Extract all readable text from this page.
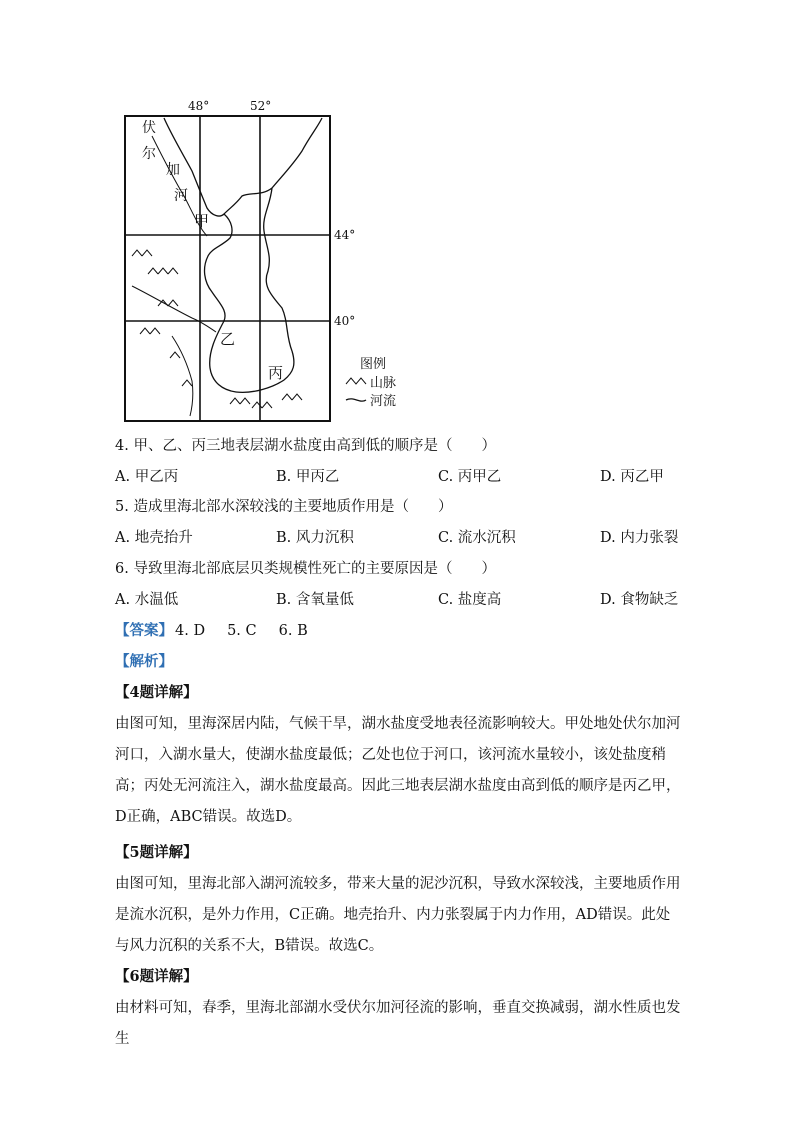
48°	52°
44°
40°
伏
尔
加
河
甲
乙
丙	图例
山脉
河流
4. 甲、乙、丙三地表层湖水盐度由高到低的顺序是（　　）
A. 甲乙丙	B. 甲丙乙	C. 丙甲乙	D. 丙乙甲
5. 造成里海北部水深较浅的主要地质作用是（　　）
A. 地壳抬升	B. 风力沉积	C. 流水沉积	D. 内力张裂
6. 导致里海北部底层贝类规模性死亡的主要原因是（　　）
A. 水温低	B. 含氧量低	C. 盐度高	D. 食物缺乏
【答案】 4. D 5. C 6. B
【解析】
【4题详解】
由图可知，里海深居内陆，气候干旱，湖水盐度受地表径流影响较大。甲处地处伏尔加河河口，入湖水量大，使湖水盐度最低；乙处也位于河口，该河流水量较小，该处盐度稍高；丙处无河流注入，湖水盐度最高。因此三地表层湖水盐度由高到低的顺序是丙乙甲，D正确，ABC错误。故选D。
【5题详解】
由图可知，里海北部入湖河流较多，带来大量的泥沙沉积，导致水深较浅，主要地质作用是流水沉积，是外力作用，C正确。地壳抬升、内力张裂属于内力作用，AD错误。此处与风力沉积的关系不大，B错误。故选C。
【6题详解】
由材料可知，春季，里海北部湖水受伏尔加河径流的影响，垂直交换减弱，湖水性质也发生
